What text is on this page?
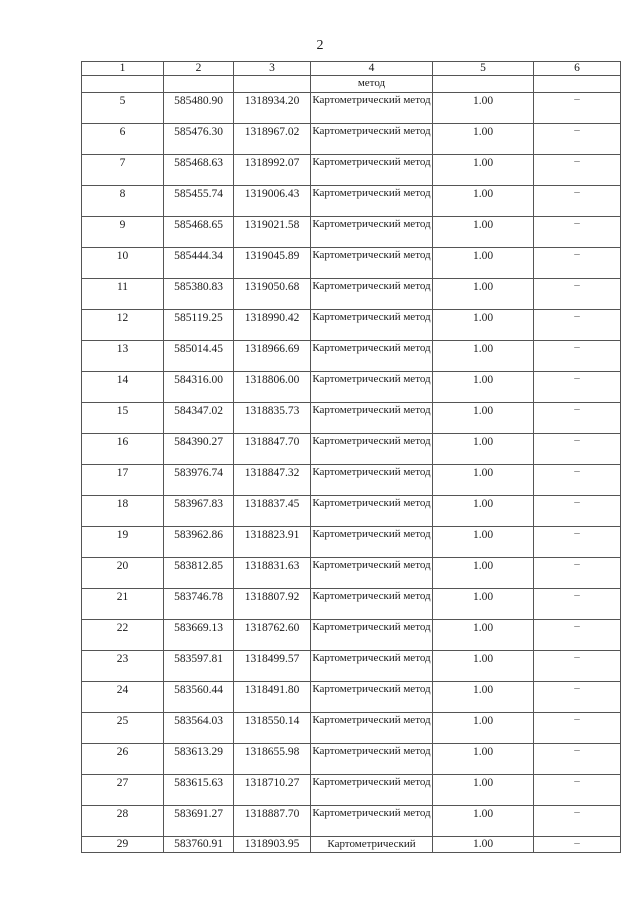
2
1	2	3	4	5	6
			метод		
5	585480.90	1318934.20	Картометрический метод	1.00	–
6	585476.30	1318967.02	Картометрический метод	1.00	–
7	585468.63	1318992.07	Картометрический метод	1.00	–
8	585455.74	1319006.43	Картометрический метод	1.00	–
9	585468.65	1319021.58	Картометрический метод	1.00	–
10	585444.34	1319045.89	Картометрический метод	1.00	–
11	585380.83	1319050.68	Картометрический метод	1.00	–
12	585119.25	1318990.42	Картометрический метод	1.00	–
13	585014.45	1318966.69	Картометрический метод	1.00	–
14	584316.00	1318806.00	Картометрический метод	1.00	–
15	584347.02	1318835.73	Картометрический метод	1.00	–
16	584390.27	1318847.70	Картометрический метод	1.00	–
17	583976.74	1318847.32	Картометрический метод	1.00	–
18	583967.83	1318837.45	Картометрический метод	1.00	–
19	583962.86	1318823.91	Картометрический метод	1.00	–
20	583812.85	1318831.63	Картометрический метод	1.00	–
21	583746.78	1318807.92	Картометрический метод	1.00	–
22	583669.13	1318762.60	Картометрический метод	1.00	–
23	583597.81	1318499.57	Картометрический метод	1.00	–
24	583560.44	1318491.80	Картометрический метод	1.00	–
25	583564.03	1318550.14	Картометрический метод	1.00	–
26	583613.29	1318655.98	Картометрический метод	1.00	–
27	583615.63	1318710.27	Картометрический метод	1.00	–
28	583691.27	1318887.70	Картометрический метод	1.00	–
29	583760.91	1318903.95	Картометрический	1.00	–
